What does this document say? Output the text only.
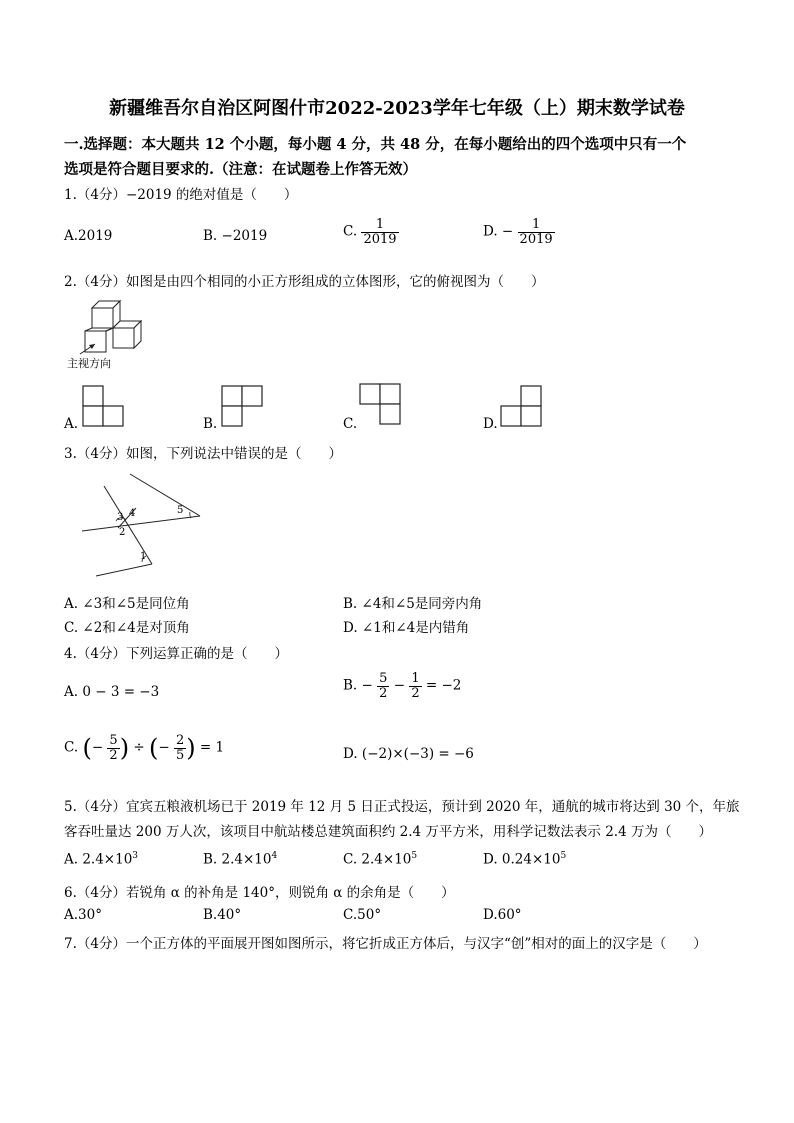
新疆维吾尔自治区阿图什市2022-2023学年七年级（上）期末数学试卷
一.选择题：本大题共 12 个小题，每小题 4 分，共 48 分，在每小题给出的四个选项中只有一个
选项是符合题目要求的.（注意：在试题卷上作答无效）
1.（4分）−2019 的绝对值是（　　）
A.2019	B. −2019	C. $\frac{1}{2019}$	D. − $\frac{1}{2019}$
2.（4分）如图是由四个相同的小正方形组成的立体图形，它的俯视图为（　　）
主视方向
A.	B.	C.	D.
3.（4分）如图，下列说法中错误的是（　　）
3 4	5
2
1
A. ∠3和∠5是同位角	B. ∠4和∠5是同旁内角
C. ∠2和∠4是对顶角	D. ∠1和∠4是内错角
4.（4分）下列运算正确的是（　　）
A. 0 − 3 = −3	B. − $\frac{5}{2} - \frac{1}{2} = -2$
C. (− $\frac{5}{2}$ ) ÷ (− $\frac{2}{5}$ ) = 1	D. (−2)×(−3) = −6
5.（4分）宜宾五粮液机场已于 2019 年 12 月 5 日正式投运，预计到 2020 年，通航的城市将达到 30 个，年旅
客吞吐量达 200 万人次，该项目中航站楼总建筑面积约 2.4 万平方米，用科学记数法表示 2.4 万为（　　）
A. $2.4\times 10^3$	B. $2.4\times 10^4$	C. $2.4\times 10^5$	D. $0.24\times 10^5$
6.（4分）若锐角 α 的补角是 140°，则锐角 α 的余角是（　　）
A.30°	B.40°	C.50°	D.60°
7.（4分）一个正方体的平面展开图如图所示，将它折成正方体后，与汉字“创”相对的面上的汉字是（　　）
